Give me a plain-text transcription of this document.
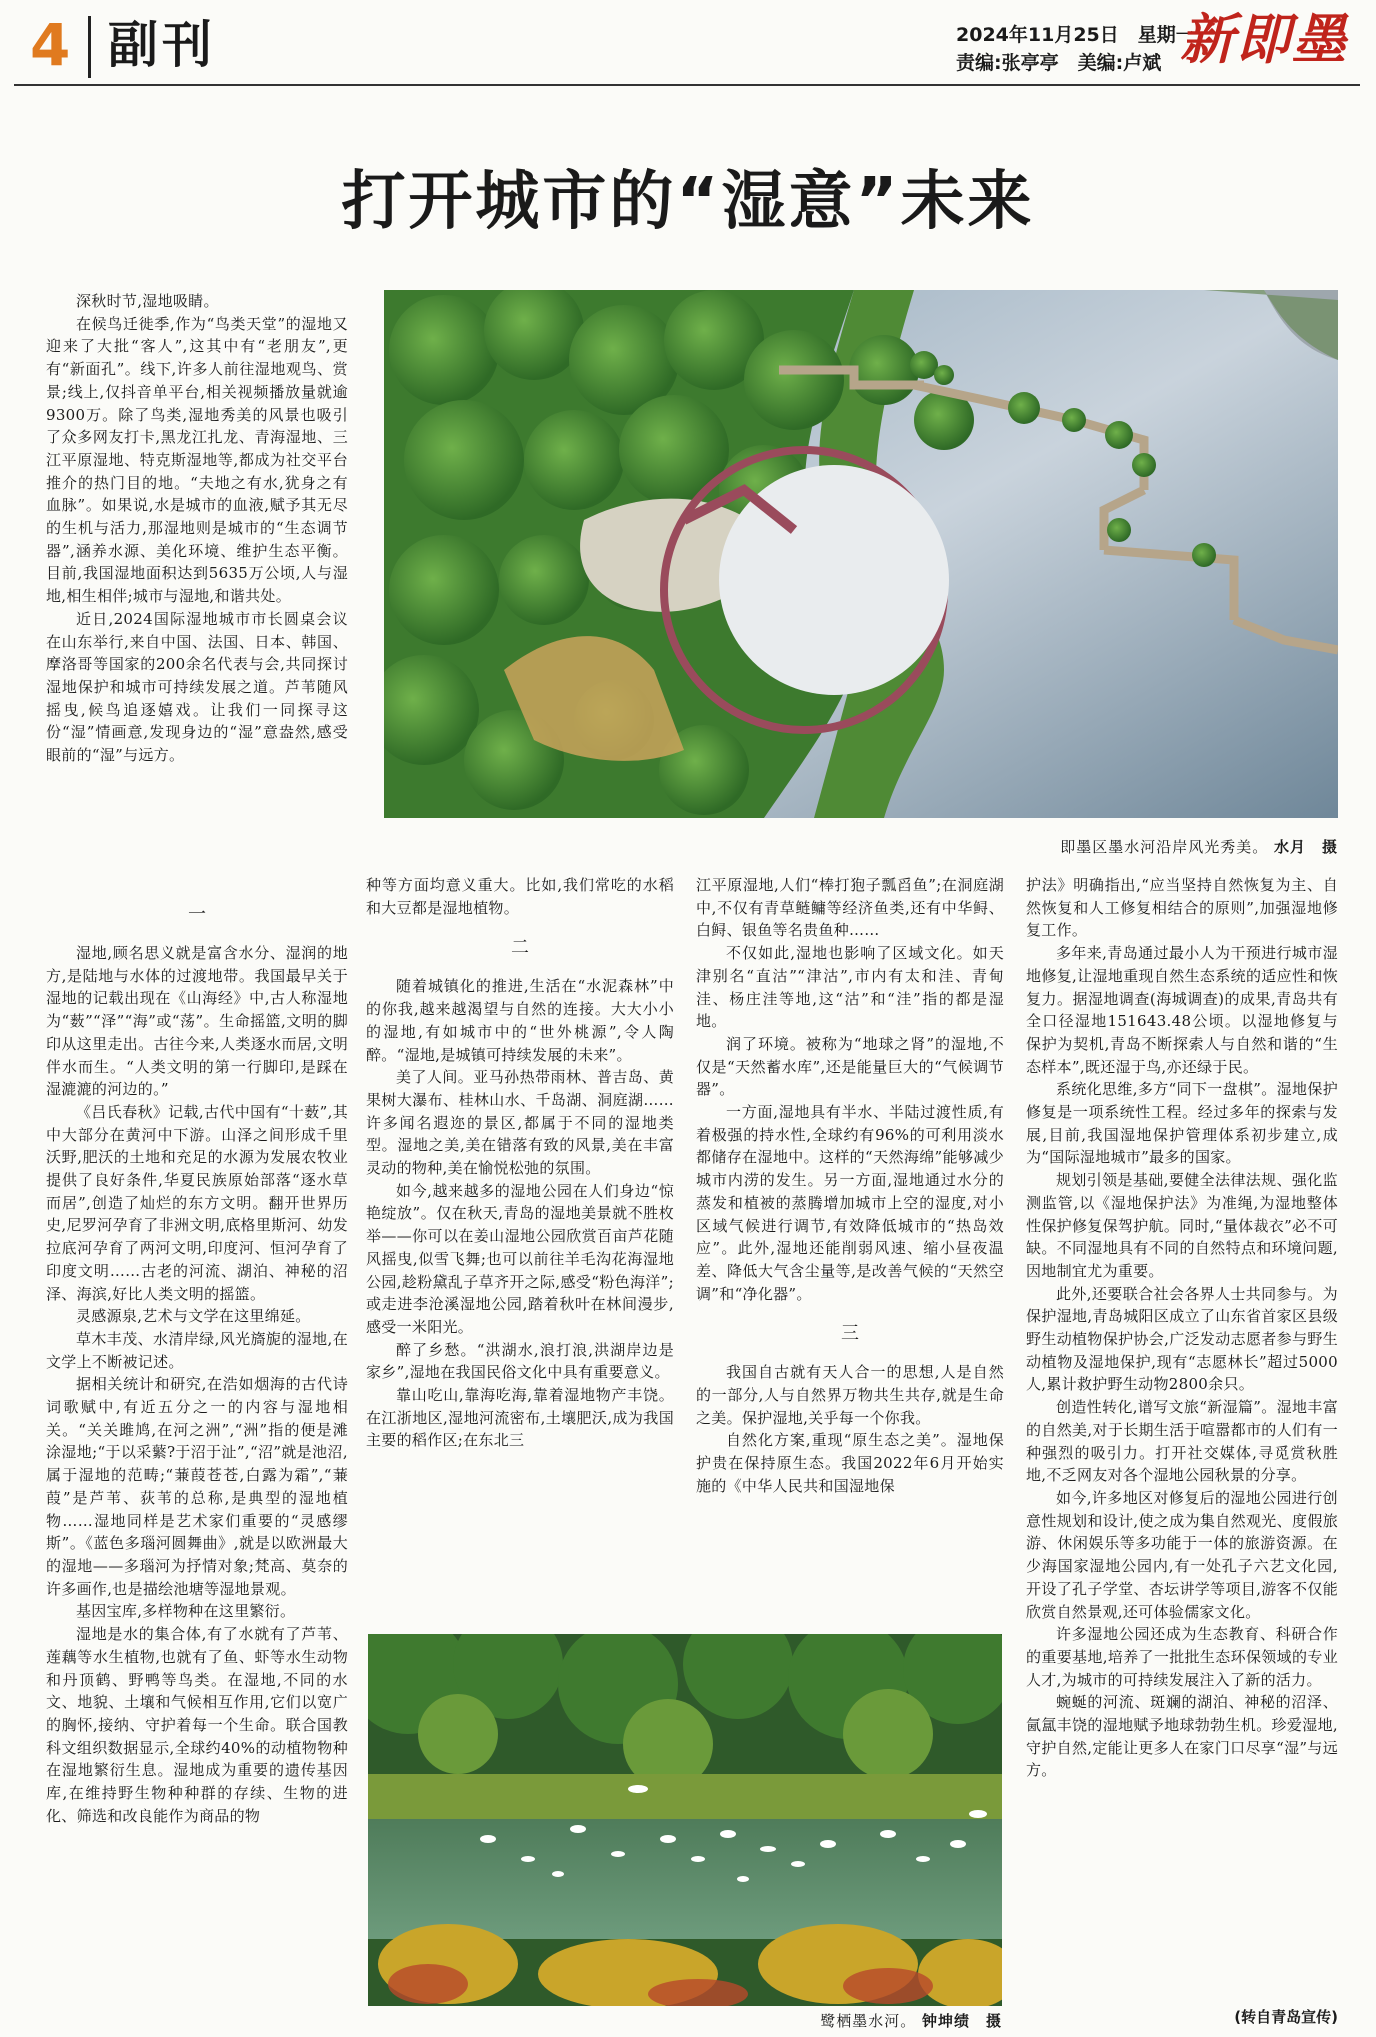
4 副刊	2024年11月25日　星期一
责编:张亭亭　美编:卢斌 新即墨
打开城市的“湿意”未来

深秋时节,湿地吸睛。

在候鸟迁徙季,作为“鸟类天堂”的湿地又迎来了大批“客人”,这其中有“老朋友”,更有“新面孔”。线下,许多人前往湿地观鸟、赏景;线上,仅抖音单平台,相关视频播放量就逾9300万。除了鸟类,湿地秀美的风景也吸引了众多网友打卡,黑龙江扎龙、青海湿地、三江平原湿地、特克斯湿地等,都成为社交平台推介的热门目的地。“夫地之有水,犹身之有血脉”。如果说,水是城市的血液,赋予其无尽的生机与活力,那湿地则是城市的“生态调节器”,涵养水源、美化环境、维护生态平衡。目前,我国湿地面积达到5635万公顷,人与湿地,相生相伴;城市与湿地,和谐共处。

近日,2024国际湿地城市市长圆桌会议在山东举行,来自中国、法国、日本、韩国、摩洛哥等国家的200余名代表与会,共同探讨湿地保护和城市可持续发展之道。芦苇随风摇曳,候鸟追逐嬉戏。让我们一同探寻这份“湿”情画意,发现身边的“湿”意盎然,感受眼前的“湿”与远方。

即墨区墨水河沿岸风光秀美。 水月　摄
一

湿地,顾名思义就是富含水分、湿润的地方,是陆地与水体的过渡地带。我国最早关于湿地的记载出现在《山海经》中,古人称湿地为“薮”“泽”“海”或“荡”。生命摇篮,文明的脚印从这里走出。古往今来,人类逐水而居,文明伴水而生。“人类文明的第一行脚印,是踩在湿漉漉的河边的。”

《吕氏春秋》记载,古代中国有“十薮”,其中大部分在黄河中下游。山泽之间形成千里沃野,肥沃的土地和充足的水源为发展农牧业提供了良好条件,华夏民族原始部落“逐水草而居”,创造了灿烂的东方文明。翻开世界历史,尼罗河孕育了非洲文明,底格里斯河、幼发拉底河孕育了两河文明,印度河、恒河孕育了印度文明……古老的河流、湖泊、神秘的沼泽、海滨,好比人类文明的摇篮。

灵感源泉,艺术与文学在这里绵延。

草木丰茂、水清岸绿,风光旖旎的湿地,在文学上不断被记述。

据相关统计和研究,在浩如烟海的古代诗词歌赋中,有近五分之一的内容与湿地相关。“关关雎鸠,在河之洲”,“洲”指的便是滩涂湿地;“于以采蘩?于沼于沚”,“沼”就是池沼,属于湿地的范畴;“蒹葭苍苍,白露为霜”,“蒹葭”是芦苇、荻苇的总称,是典型的湿地植物……湿地同样是艺术家们重要的“灵感缪斯”。《蓝色多瑙河圆舞曲》,就是以欧洲最大的湿地——多瑙河为抒情对象;梵高、莫奈的许多画作,也是描绘池塘等湿地景观。

基因宝库,多样物种在这里繁衍。

湿地是水的集合体,有了水就有了芦苇、莲藕等水生植物,也就有了鱼、虾等水生动物和丹顶鹤、野鸭等鸟类。在湿地,不同的水文、地貌、土壤和气候相互作用,它们以宽广的胸怀,接纳、守护着每一个生命。联合国教科文组织数据显示,全球约40%的动植物物种在湿地繁衍生息。湿地成为重要的遗传基因库,在维持野生物种种群的存续、生物的进化、筛选和改良能作为商品的物

种等方面均意义重大。比如,我们常吃的水稻和大豆都是湿地植物。

二

随着城镇化的推进,生活在“水泥森林”中的你我,越来越渴望与自然的连接。大大小小的湿地,有如城市中的“世外桃源”,令人陶醉。“湿地,是城镇可持续发展的未来”。

美了人间。亚马孙热带雨林、普吉岛、黄果树大瀑布、桂林山水、千岛湖、洞庭湖……许多闻名遐迩的景区,都属于不同的湿地类型。湿地之美,美在错落有致的风景,美在丰富灵动的物种,美在愉悦松弛的氛围。

如今,越来越多的湿地公园在人们身边“惊艳绽放”。仅在秋天,青岛的湿地美景就不胜枚举——你可以在姜山湿地公园欣赏百亩芦花随风摇曳,似雪飞舞;也可以前往羊毛沟花海湿地公园,趁粉黛乱子草齐开之际,感受“粉色海洋”;或走进李沧溪湿地公园,踏着秋叶在林间漫步,感受一米阳光。

醉了乡愁。“洪湖水,浪打浪,洪湖岸边是家乡”,湿地在我国民俗文化中具有重要意义。

靠山吃山,靠海吃海,靠着湿地物产丰饶。在江浙地区,湿地河流密布,土壤肥沃,成为我国主要的稻作区;在东北三

江平原湿地,人们“棒打狍子瓢舀鱼”;在洞庭湖中,不仅有青草鲢鳙等经济鱼类,还有中华鲟、白鲟、银鱼等名贵鱼种……

不仅如此,湿地也影响了区域文化。如天津别名“直沽”“津沽”,市内有太和洼、青甸洼、杨庄洼等地,这“沽”和“洼”指的都是湿地。

润了环境。被称为“地球之肾”的湿地,不仅是“天然蓄水库”,还是能量巨大的“气候调节器”。

一方面,湿地具有半水、半陆过渡性质,有着极强的持水性,全球约有96%的可利用淡水都储存在湿地中。这样的“天然海绵”能够减少城市内涝的发生。另一方面,湿地通过水分的蒸发和植被的蒸腾增加城市上空的湿度,对小区域气候进行调节,有效降低城市的“热岛效应”。此外,湿地还能削弱风速、缩小昼夜温差、降低大气含尘量等,是改善气候的“天然空调”和“净化器”。

三

我国自古就有天人合一的思想,人是自然的一部分,人与自然界万物共生共存,就是生命之美。保护湿地,关乎每一个你我。

自然化方案,重现“原生态之美”。湿地保护贵在保持原生态。我国2022年6月开始实施的《中华人民共和国湿地保

护法》明确指出,“应当坚持自然恢复为主、自然恢复和人工修复相结合的原则”,加强湿地修复工作。

多年来,青岛通过最小人为干预进行城市湿地修复,让湿地重现自然生态系统的适应性和恢复力。据湿地调查(海城调查)的成果,青岛共有全口径湿地151643.48公顷。以湿地修复与保护为契机,青岛不断探索人与自然和谐的“生态样本”,既还湿于鸟,亦还绿于民。

系统化思维,多方“同下一盘棋”。湿地保护修复是一项系统性工程。经过多年的探索与发展,目前,我国湿地保护管理体系初步建立,成为“国际湿地城市”最多的国家。

规划引领是基础,要健全法律法规、强化监测监管,以《湿地保护法》为准绳,为湿地整体性保护修复保驾护航。同时,“量体裁衣”必不可缺。不同湿地具有不同的自然特点和环境问题,因地制宜尤为重要。

此外,还要联合社会各界人士共同参与。为保护湿地,青岛城阳区成立了山东省首家区县级野生动植物保护协会,广泛发动志愿者参与野生动植物及湿地保护,现有“志愿林长”超过5000人,累计救护野生动物2800余只。

创造性转化,谱写文旅“新湿篇”。湿地丰富的自然美,对于长期生活于喧嚣都市的人们有一种强烈的吸引力。打开社交媒体,寻觅赏秋胜地,不乏网友对各个湿地公园秋景的分享。

如今,许多地区对修复后的湿地公园进行创意性规划和设计,使之成为集自然观光、度假旅游、休闲娱乐等多功能于一体的旅游资源。在少海国家湿地公园内,有一处孔子六艺文化园,开设了孔子学堂、杏坛讲学等项目,游客不仅能欣赏自然景观,还可体验儒家文化。

许多湿地公园还成为生态教育、科研合作的重要基地,培养了一批批生态环保领域的专业人才,为城市的可持续发展注入了新的活力。

蜿蜒的河流、斑斓的湖泊、神秘的沼泽、氤氲丰饶的湿地赋予地球勃勃生机。珍爱湿地,守护自然,定能让更多人在家门口尽享“湿”与远方。

(转自青岛宣传)
鹭栖墨水河。 钟坤绩　摄
